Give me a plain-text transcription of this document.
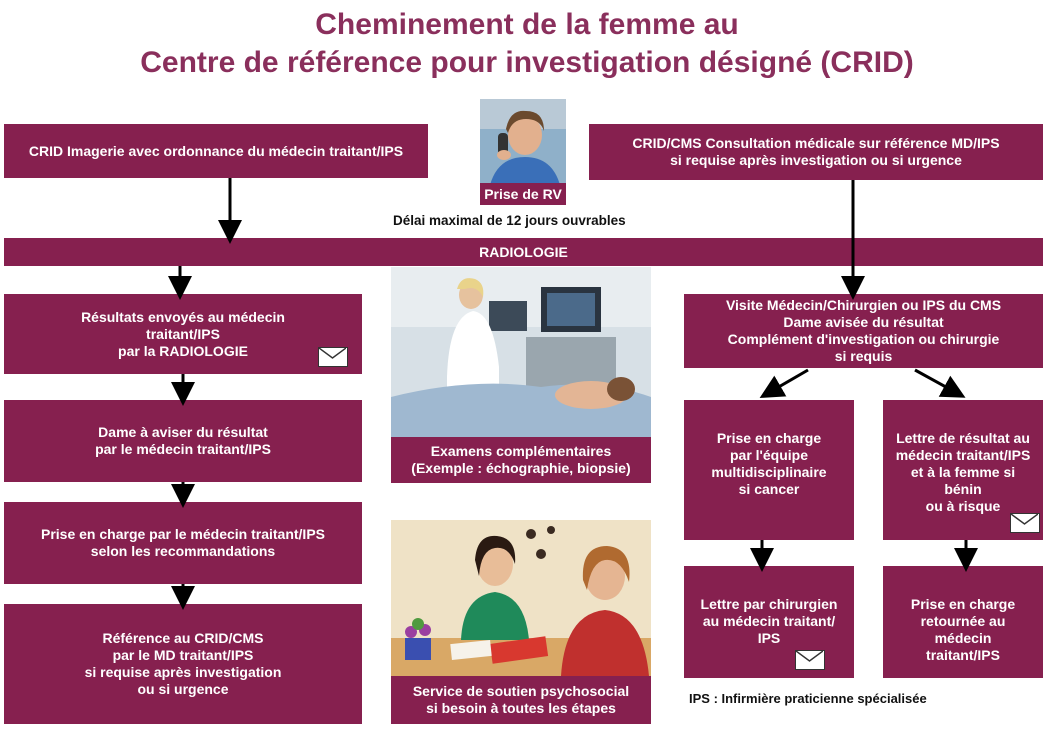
Cheminement de la femme au
Centre de référence pour investigation désigné (CRID)
CRID Imagerie avec ordonnance du médecin traitant/IPS	CRID/CMS Consultation médicale sur référence MD/IPS
si requise après investigation ou si urgence
Prise de RV
Délai maximal de 12 jours ouvrables
RADIOLOGIE
Résultats envoyés au médecin traitant/IPS
par la RADIOLOGIE
Dame à aviser du résultat
par le médecin traitant/IPS
Prise en charge par le médecin traitant/IPS
selon les recommandations
Référence au CRID/CMS
par le MD traitant/IPS
si requise après investigation
ou si urgence
Examens complémentaires
(Exemple : échographie, biopsie)
Service de soutien psychosocial
si besoin à toutes les étapes
Visite Médecin/Chirurgien ou IPS du CMS
Dame avisée du résultat
Complément d'investigation ou chirurgie
si requis
Prise en charge
par l'équipe
multidisciplinaire
si cancer
Lettre de résultat au
médecin traitant/IPS
et à la femme si bénin
ou à risque
Lettre par chirurgien
au médecin traitant/
IPS
Prise en charge
retournée au médecin
traitant/IPS
IPS : Infirmière praticienne spécialisée
